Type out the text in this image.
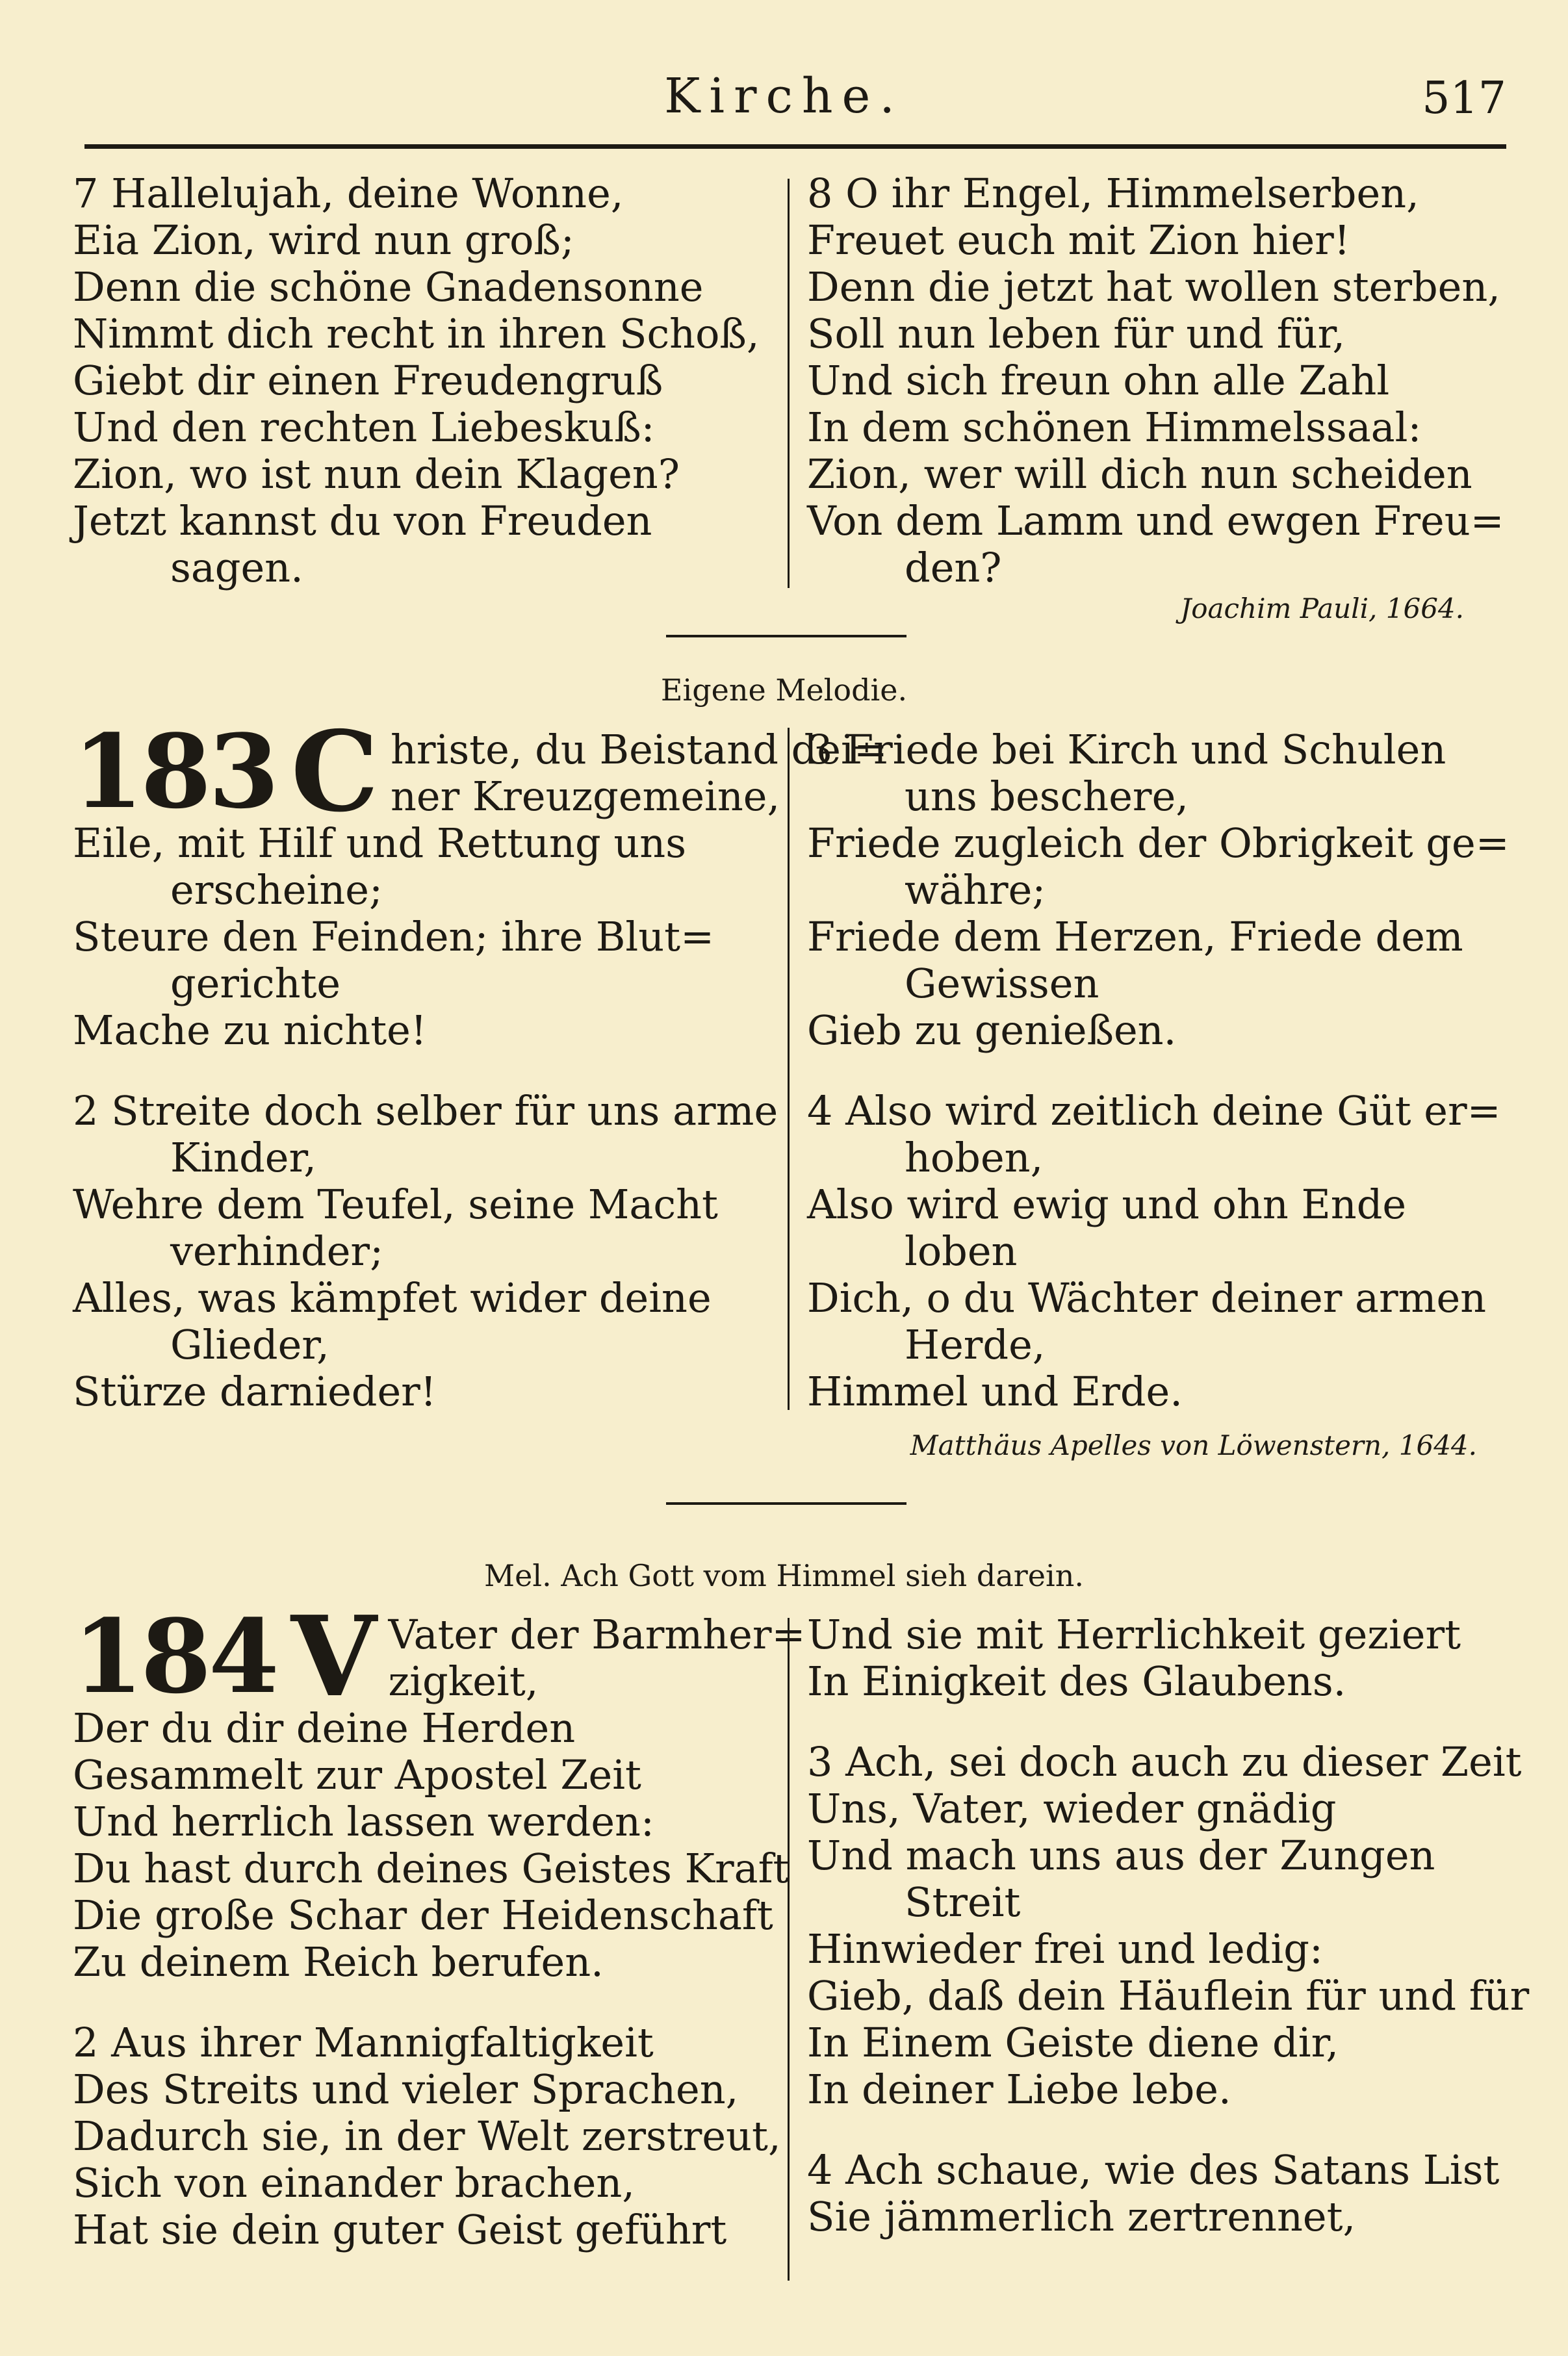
Kirche.	517
7 Hallelujah, deine Wonne,
Eia Zion, wird nun groß;
Denn die schöne Gnadensonne
Nimmt dich recht in ihren Schoß,
Giebt dir einen Freudengruß
Und den rechten Liebeskuß:
Zion, wo ist nun dein Klagen?
Jetzt kannst du von Freuden
sagen.
8 O ihr Engel, Himmelserben,
Freuet euch mit Zion hier!
Denn die jetzt hat wollen sterben,
Soll nun leben für und für,
Und sich freun ohn alle Zahl
In dem schönen Himmelssaal:
Zion, wer will dich nun scheiden
Von dem Lamm und ewgen Freu=
den?
Joachim Pauli, 1664.
Eigene Melodie.
183 C hriste, du Beistand dei=
ner Kreuzgemeine,
Eile, mit Hilf und Rettung uns
erscheine;
Steure den Feinden; ihre Blut=
gerichte
Mache zu nichte!
2 Streite doch selber für uns arme
Kinder,
Wehre dem Teufel, seine Macht
verhinder;
Alles, was kämpfet wider deine
Glieder,
Stürze darnieder!
3 Friede bei Kirch und Schulen
uns beschere,
Friede zugleich der Obrigkeit ge=
währe;
Friede dem Herzen, Friede dem
Gewissen
Gieb zu genießen.
4 Also wird zeitlich deine Güt er=
hoben,
Also wird ewig und ohn Ende
loben
Dich, o du Wächter deiner armen
Herde,
Himmel und Erde.
Matthäus Apelles von Löwenstern, 1644.
Mel. Ach Gott vom Himmel sieh darein.
184 V Vater der Barmher=
zigkeit,
Der du dir deine Herden
Gesammelt zur Apostel Zeit
Und herrlich lassen werden:
Du hast durch deines Geistes Kraft
Die große Schar der Heidenschaft
Zu deinem Reich berufen.
2 Aus ihrer Mannigfaltigkeit
Des Streits und vieler Sprachen,
Dadurch sie, in der Welt zerstreut,
Sich von einander brachen,
Hat sie dein guter Geist geführt
Und sie mit Herrlichkeit geziert
In Einigkeit des Glaubens.
3 Ach, sei doch auch zu dieser Zeit
Uns, Vater, wieder gnädig
Und mach uns aus der Zungen
Streit
Hinwieder frei und ledig:
Gieb, daß dein Häuflein für und für
In Einem Geiste diene dir,
In deiner Liebe lebe.
4 Ach schaue, wie des Satans List
Sie jämmerlich zertrennet,
